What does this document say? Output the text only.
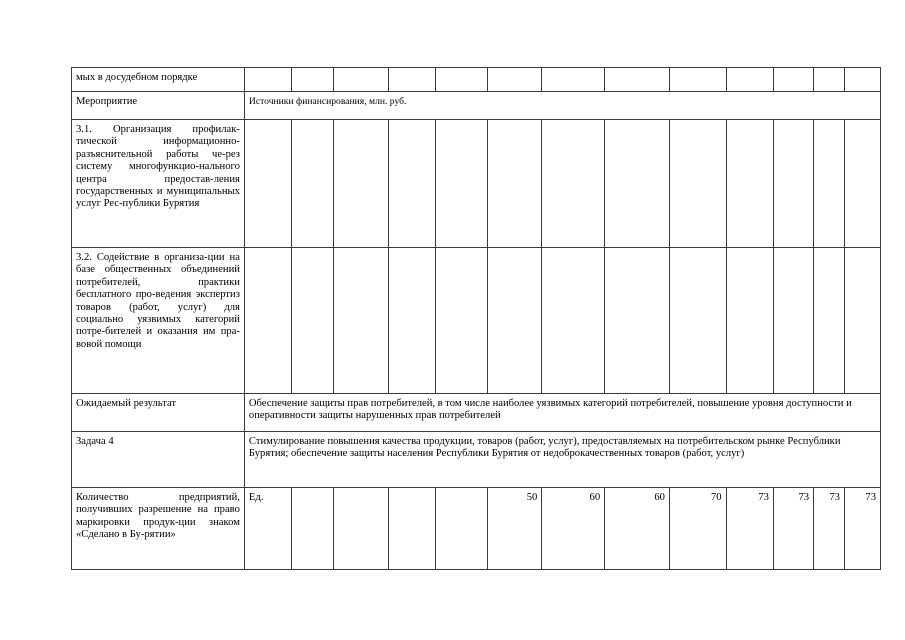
мых в досудебном порядке													
Мероприятие	Источники финансирования, млн. руб.												
3.1. Организация профилак-тической информационно-разъяснительной работы че-рез систему многофункцио-нального центра предостав-ления государственных и муниципальных услуг Рес-публики Бурятия													
3.2. Содействие в организа-ции на базе общественных объединений потребителей, практики бесплатного про-ведения экспертиз товаров (работ, услуг) для социально уязвимых категорий потре-бителей и оказания им пра-вовой помощи													
Ожидаемый результат	Обеспечение защиты прав потребителей, в том числе наиболее уязвимых категорий потребителей, повышение уровня доступности и оперативности защиты нарушенных прав потребителей												
Задача 4	Стимулирование повышения качества продукции, товаров (работ, услуг), предоставляемых на потребительском рынке Республики Бурятия; обеспечение защиты населения Республики Бурятия от недоброкачественных товаров (работ, услуг)												
Количество предприятий, получивших разрешение на право маркировки продук-ции знаком «Сделано в Бу-рятии»	Ед.					50	60	60	70	73	73	73	73
